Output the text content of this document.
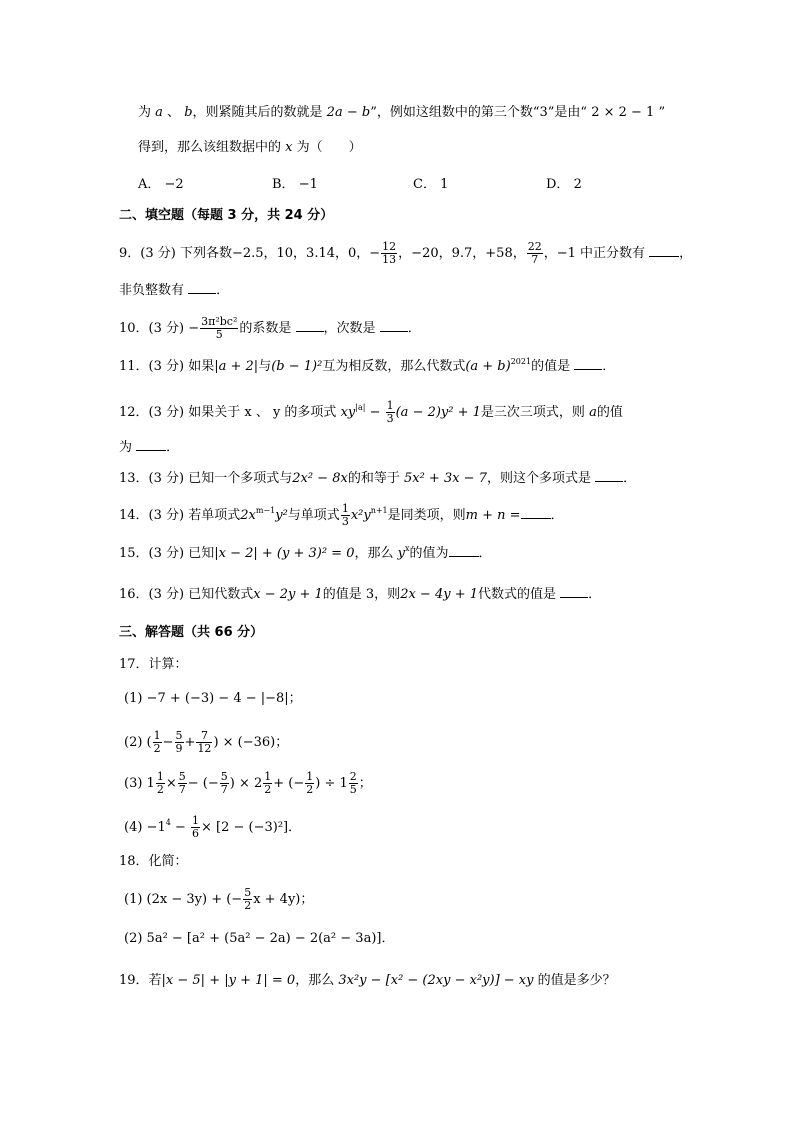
为 a 、 b，则紧随其后的数就是 2a − b”，例如这组数中的第三个数“3”是由“ 2 × 2 − 1 ”
得到，那么该组数据中的 x 为（　　）
A． −2	B． −1	C． 1	D． 2
二、填空题（每题 3 分，共 24 分）
9．(3 分) 下列各数−2.5，10，3.14，0，− $\frac{12}{13}$ ，−20，9.7，+58， $\frac{22}{7}$ ，−1 中正分数有	，
非负整数有 ．
10．(3 分) − $\frac{\text{3π²bc²}}{5}$ 的系数是 ，次数是 ．
11．(3 分) 如果|a + 2|与(b − 1)²互为相反数，那么代数式$(a + b)^{2021}$的值是 ．
12．(3 分) 如果关于 x 、 y 的多项式 $xy^{|a|} - \frac{1}{3} (a - 2)y^2 + 1$是三次三项式，则 a的值
为	．
13．(3 分) 已知一个多项式与2x² − 8x的和等于 5x² + 3x − 7，则这个多项式是 ．
14．(3 分) 若单项式$2x^{m-1}y^2$与单项式 $\frac{1}{3} x^2y^{n+1}$是同类项，则m + n = ．
15．(3 分) 已知|x − 2| + (y + 3)² = 0，那么 $y^x$的值为 ．
16．(3 分) 已知代数式x − 2y + 1的值是 3，则2x − 4y + 1代数式的值是 ．
三、解答题（共 66 分）
17．计算：
(1) −7 + (−3) − 4 − |−8|；
(2) ( $\frac{1}{2} - \frac{5}{9} + \frac{7}{12}$ ) × (−36)；
(3) $1 \frac{1}{2} \times \frac{5}{7}$ − (− $\frac{5}{7}$ ) × $2 \frac{1}{2}$ + (− $\frac{1}{2}$ ) ÷ $1 \frac{2}{5}$ ；
$(4) -1^4 - \frac{1}{6} \times [2 - (-3)^2]$．
18．化简：
(1) (2x − 3y) + (− $\frac{5}{2}$ x + 4y)；
(2) 5a² − [a² + (5a² − 2a) − 2(a² − 3a)]．
19．若|x − 5| + |y + 1| = 0，那么 3x²y − [x² − (2xy − x²y)] − xy 的值是多少？
